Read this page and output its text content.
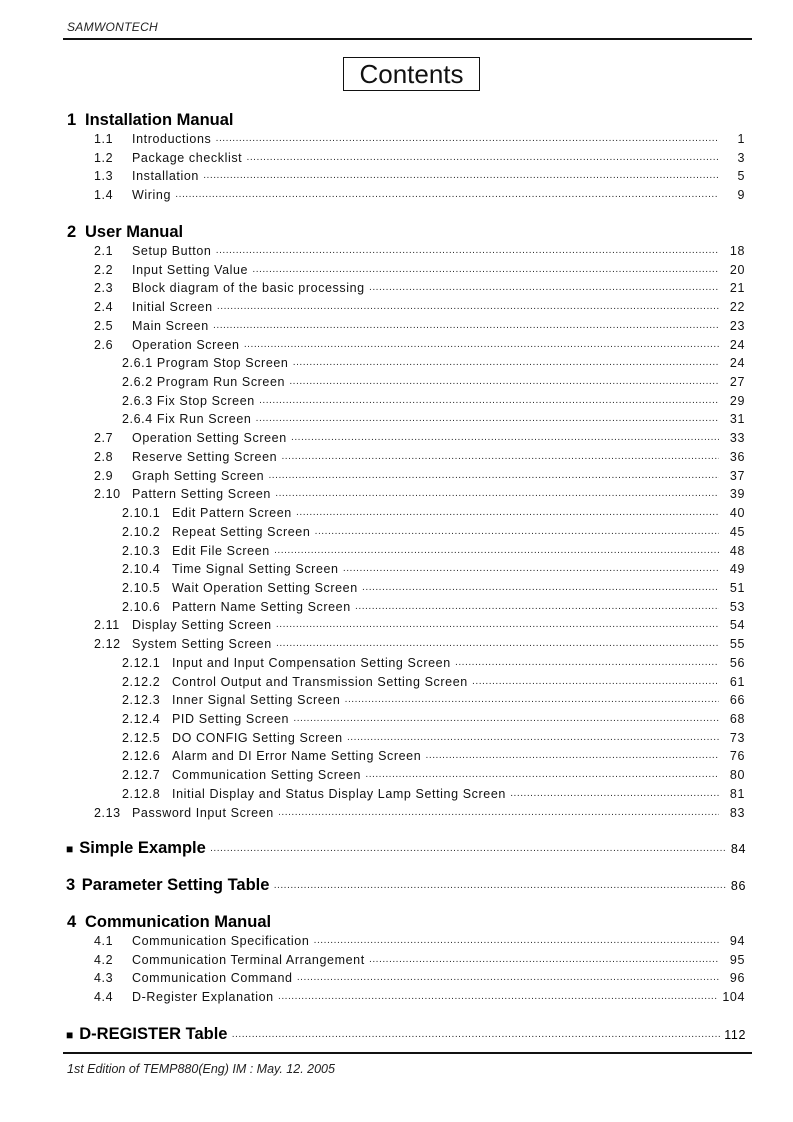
SAMWONTECH
Contents
1 Installation Manual
1.1	Introductions ·····	1
1.2	Package checklist ·····	3
1.3	Installation ·····	5
1.4	Wiring ·····	9
2 User Manual
2.1	Setup Button ·····	18
2.2	Input Setting Value ·····	20
2.3	Block diagram of the basic processing ·····	21
2.4	Initial Screen ·····	22
2.5	Main Screen ·····	23
2.6	Operation Screen ·····	24
2.6.1 Program Stop Screen ·····	24
2.6.2 Program Run Screen ·····	27
2.6.3 Fix Stop Screen ·····	29
2.6.4 Fix Run Screen ·····	31
2.7	Operation Setting Screen ·····	33
2.8	Reserve Setting Screen ·····	36
2.9	Graph Setting Screen ·····	37
2.10 Pattern Setting Screen ·····	39
2.10.1 Edit Pattern Screen ·····	40
2.10.2 Repeat Setting Screen ·····	45
2.10.3 Edit File Screen ·····	48
2.10.4 Time Signal Setting Screen ·····	49
2.10.5 Wait Operation Setting Screen ·····	51
2.10.6 Pattern Name Setting Screen ·····	53
2.11 Display Setting Screen ·····	54
2.12 System Setting Screen ·····	55
2.12.1 Input and Input Compensation Setting Screen ·····	56
2.12.2 Control Output and Transmission Setting Screen ·····	61
2.12.3 Inner Signal Setting Screen ·····	66
2.12.4 PID Setting Screen ·····	68
2.12.5 DO CONFIG Setting Screen ·····	73
2.12.6 Alarm and DI Error Name Setting Screen ·····	76
2.12.7 Communication Setting Screen ·····	80
2.12.8 Initial Display and Status Display Lamp Setting Screen ·····	81
2.13 Password Input Screen ·····	83
■ Simple Example ·····	84
3 Parameter Setting Table ·····	86
4 Communication Manual
4.1	Communication Specification ·····	94
4.2	Communication Terminal Arrangement ·····	95
4.3	Communication Command ·····	96
4.4	D-Register Explanation ·····	104
■ D-REGISTER Table ·····	112
1st Edition of TEMP880(Eng) IM : May. 12. 2005
